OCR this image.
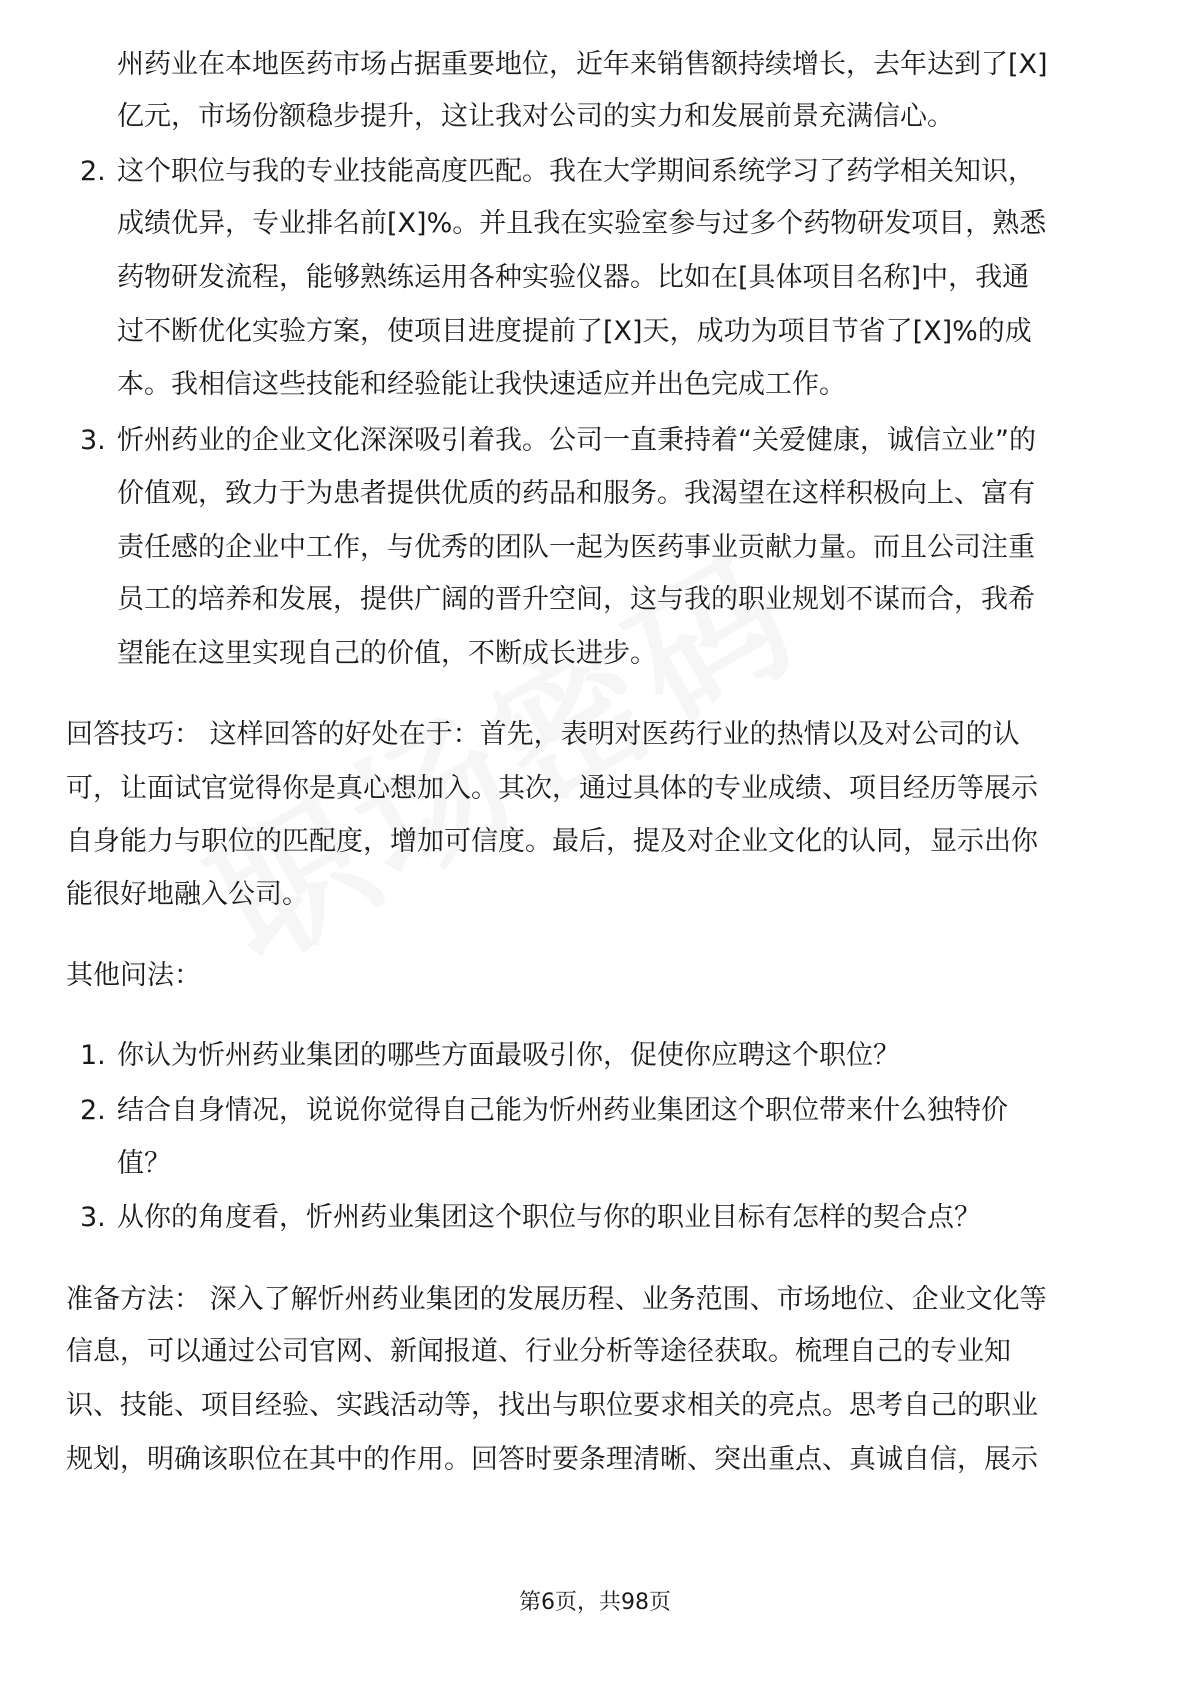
州药业在本地医药市场占据重要地位，近年来销售额持续增长，去年达到了[X]
亿元，市场份额稳步提升，这让我对公司的实力和发展前景充满信心。
2. 这个职位与我的专业技能高度匹配。我在大学期间系统学习了药学相关知识，
成绩优异，专业排名前[X]%。并且我在实验室参与过多个药物研发项目，熟悉
药物研发流程，能够熟练运用各种实验仪器。比如在[具体项目名称]中，我通
过不断优化实验方案，使项目进度提前了[X]天，成功为项目节省了[X]%的成
本。我相信这些技能和经验能让我快速适应并出色完成工作。
3. 忻州药业的企业文化深深吸引着我。公司一直秉持着“关爱健康，诚信立业”的
价值观，致力于为患者提供优质的药品和服务。我渴望在这样积极向上、富有
责任感的企业中工作，与优秀的团队一起为医药事业贡献力量。而且公司注重
员工的培养和发展，提供广阔的晋升空间，这与我的职业规划不谋而合，我希
望能在这里实现自己的价值，不断成长进步。
回答技巧： 这样回答的好处在于：首先，表明对医药行业的热情以及对公司的认
可，让面试官觉得你是真心想加入。其次，通过具体的专业成绩、项目经历等展示
自身能力与职位的匹配度，增加可信度。最后，提及对企业文化的认同，显示出你
能很好地融入公司。
其他问法：
1. 你认为忻州药业集团的哪些方面最吸引你，促使你应聘这个职位？
2. 结合自身情况，说说你觉得自己能为忻州药业集团这个职位带来什么独特价
值？
3. 从你的角度看，忻州药业集团这个职位与你的职业目标有怎样的契合点？
准备方法： 深入了解忻州药业集团的发展历程、业务范围、市场地位、企业文化等
信息，可以通过公司官网、新闻报道、行业分析等途径获取。梳理自己的专业知
识、技能、项目经验、实践活动等，找出与职位要求相关的亮点。思考自己的职业
规划，明确该职位在其中的作用。回答时要条理清晰、突出重点、真诚自信，展示
第6页，共98页
